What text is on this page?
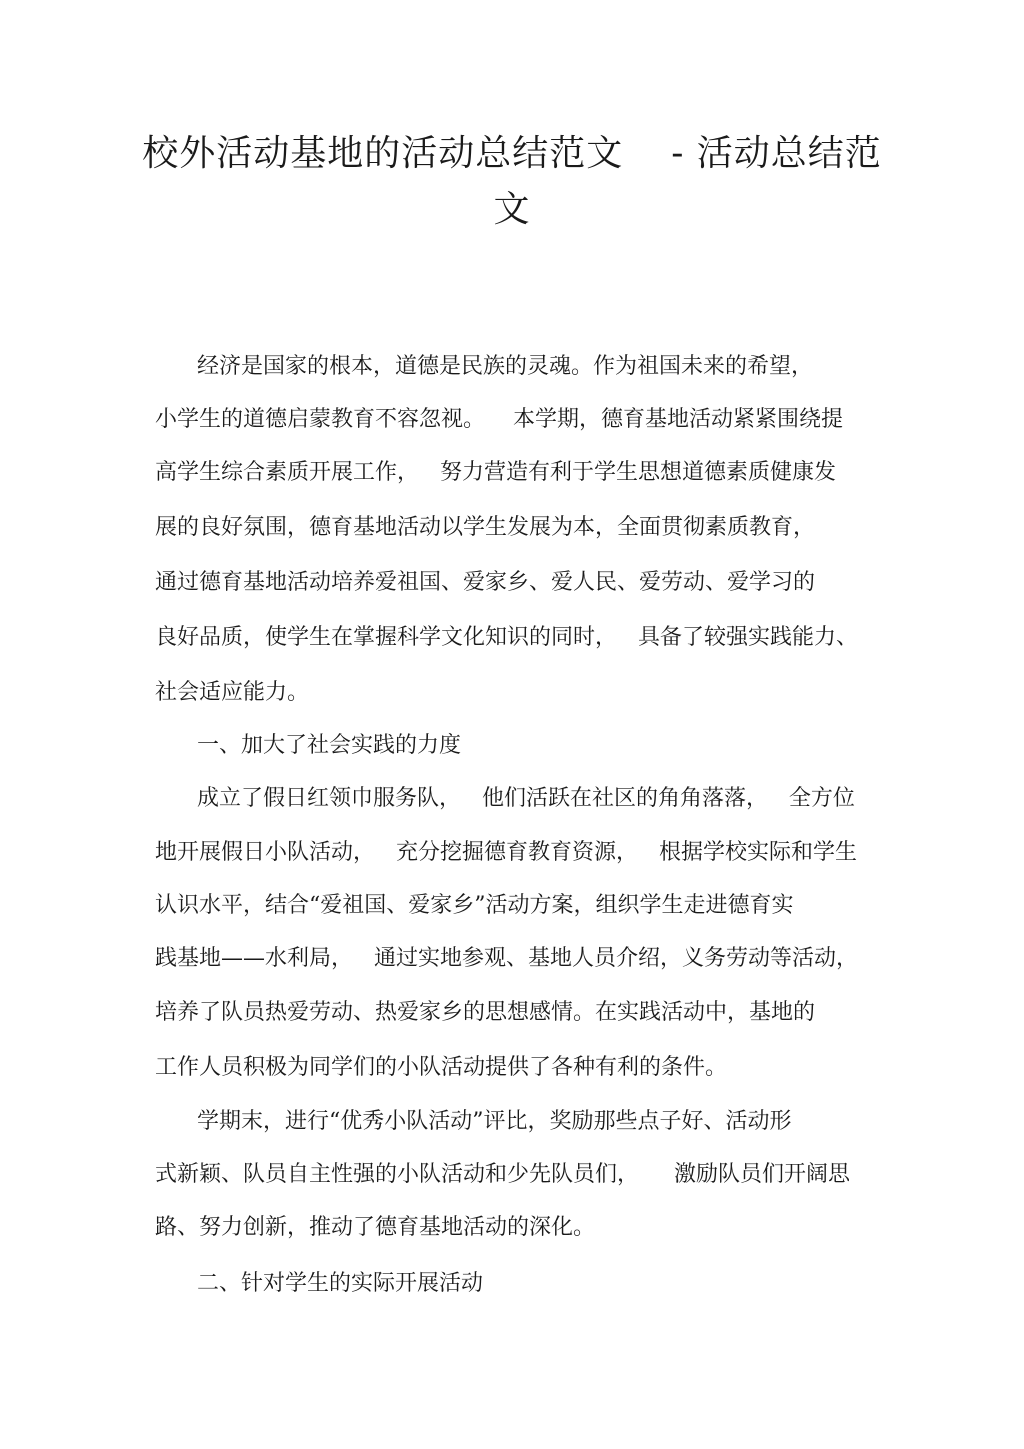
校外活动基地的活动总结范文 - 活动总结范
文

经济是国家的根本，道德是民族的灵魂。作为祖国未来的希望，

小学生的道德启蒙教育不容忽视。    本学期，德育基地活动紧紧围绕提

高学生综合素质开展工作，   努力营造有利于学生思想道德素质健康发

展的良好氛围，德育基地活动以学生发展为本，全面贯彻素质教育，

通过德育基地活动培养爱祖国、爱家乡、爱人民、爱劳动、爱学习的

良好品质，使学生在掌握科学文化知识的同时，   具备了较强实践能力、

社会适应能力。

一、加大了社会实践的力度

成立了假日红领巾服务队，   他们活跃在社区的角角落落，   全方位

地开展假日小队活动，   充分挖掘德育教育资源，   根据学校实际和学生

认识水平，结合“爱祖国、爱家乡”活动方案，组织学生走进德育实

践基地——水利局，   通过实地参观、基地人员介绍，义务劳动等活动，

培养了队员热爱劳动、热爱家乡的思想感情。在实践活动中，基地的

工作人员积极为同学们的小队活动提供了各种有利的条件。

学期末，进行“优秀小队活动”评比，奖励那些点子好、活动形

式新颖、队员自主性强的小队活动和少先队员们，     激励队员们开阔思

路、努力创新，推动了德育基地活动的深化。

二、针对学生的实际开展活动
